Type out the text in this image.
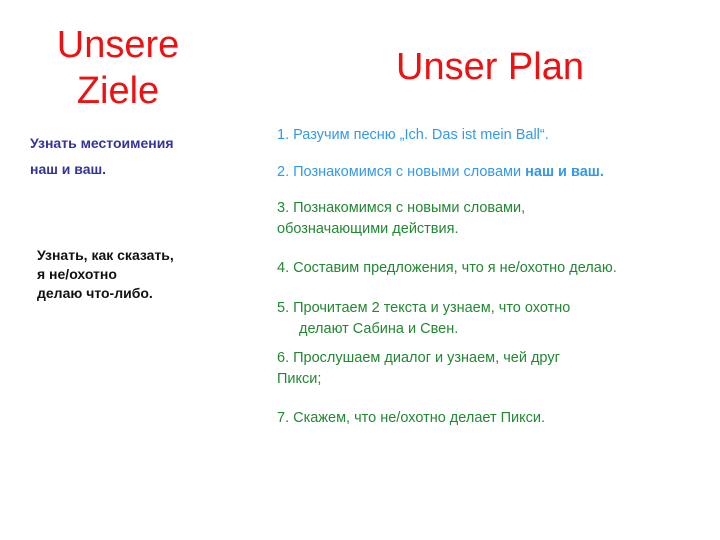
Unsere
Ziele
Unser Plan
Узнать местоимения
наш и ваш.
Узнать, как сказать,
я не/охотно
делаю что-либо.
1. Разучим песню „Ich. Das ist mein Ball“.
2. Познакомимся с новыми словами наш и ваш.
3. Познакомимся с новыми словами,
обозначающими действия.
4. Составим предложения, что я не/охотно делаю.
5. Прочитаем 2 текста и узнаем, что охотно
делают Сабина и Свен.
6. Прослушаем диалог и узнаем, чей друг
Пикси;
7. Скажем, что не/охотно делает Пикси.
